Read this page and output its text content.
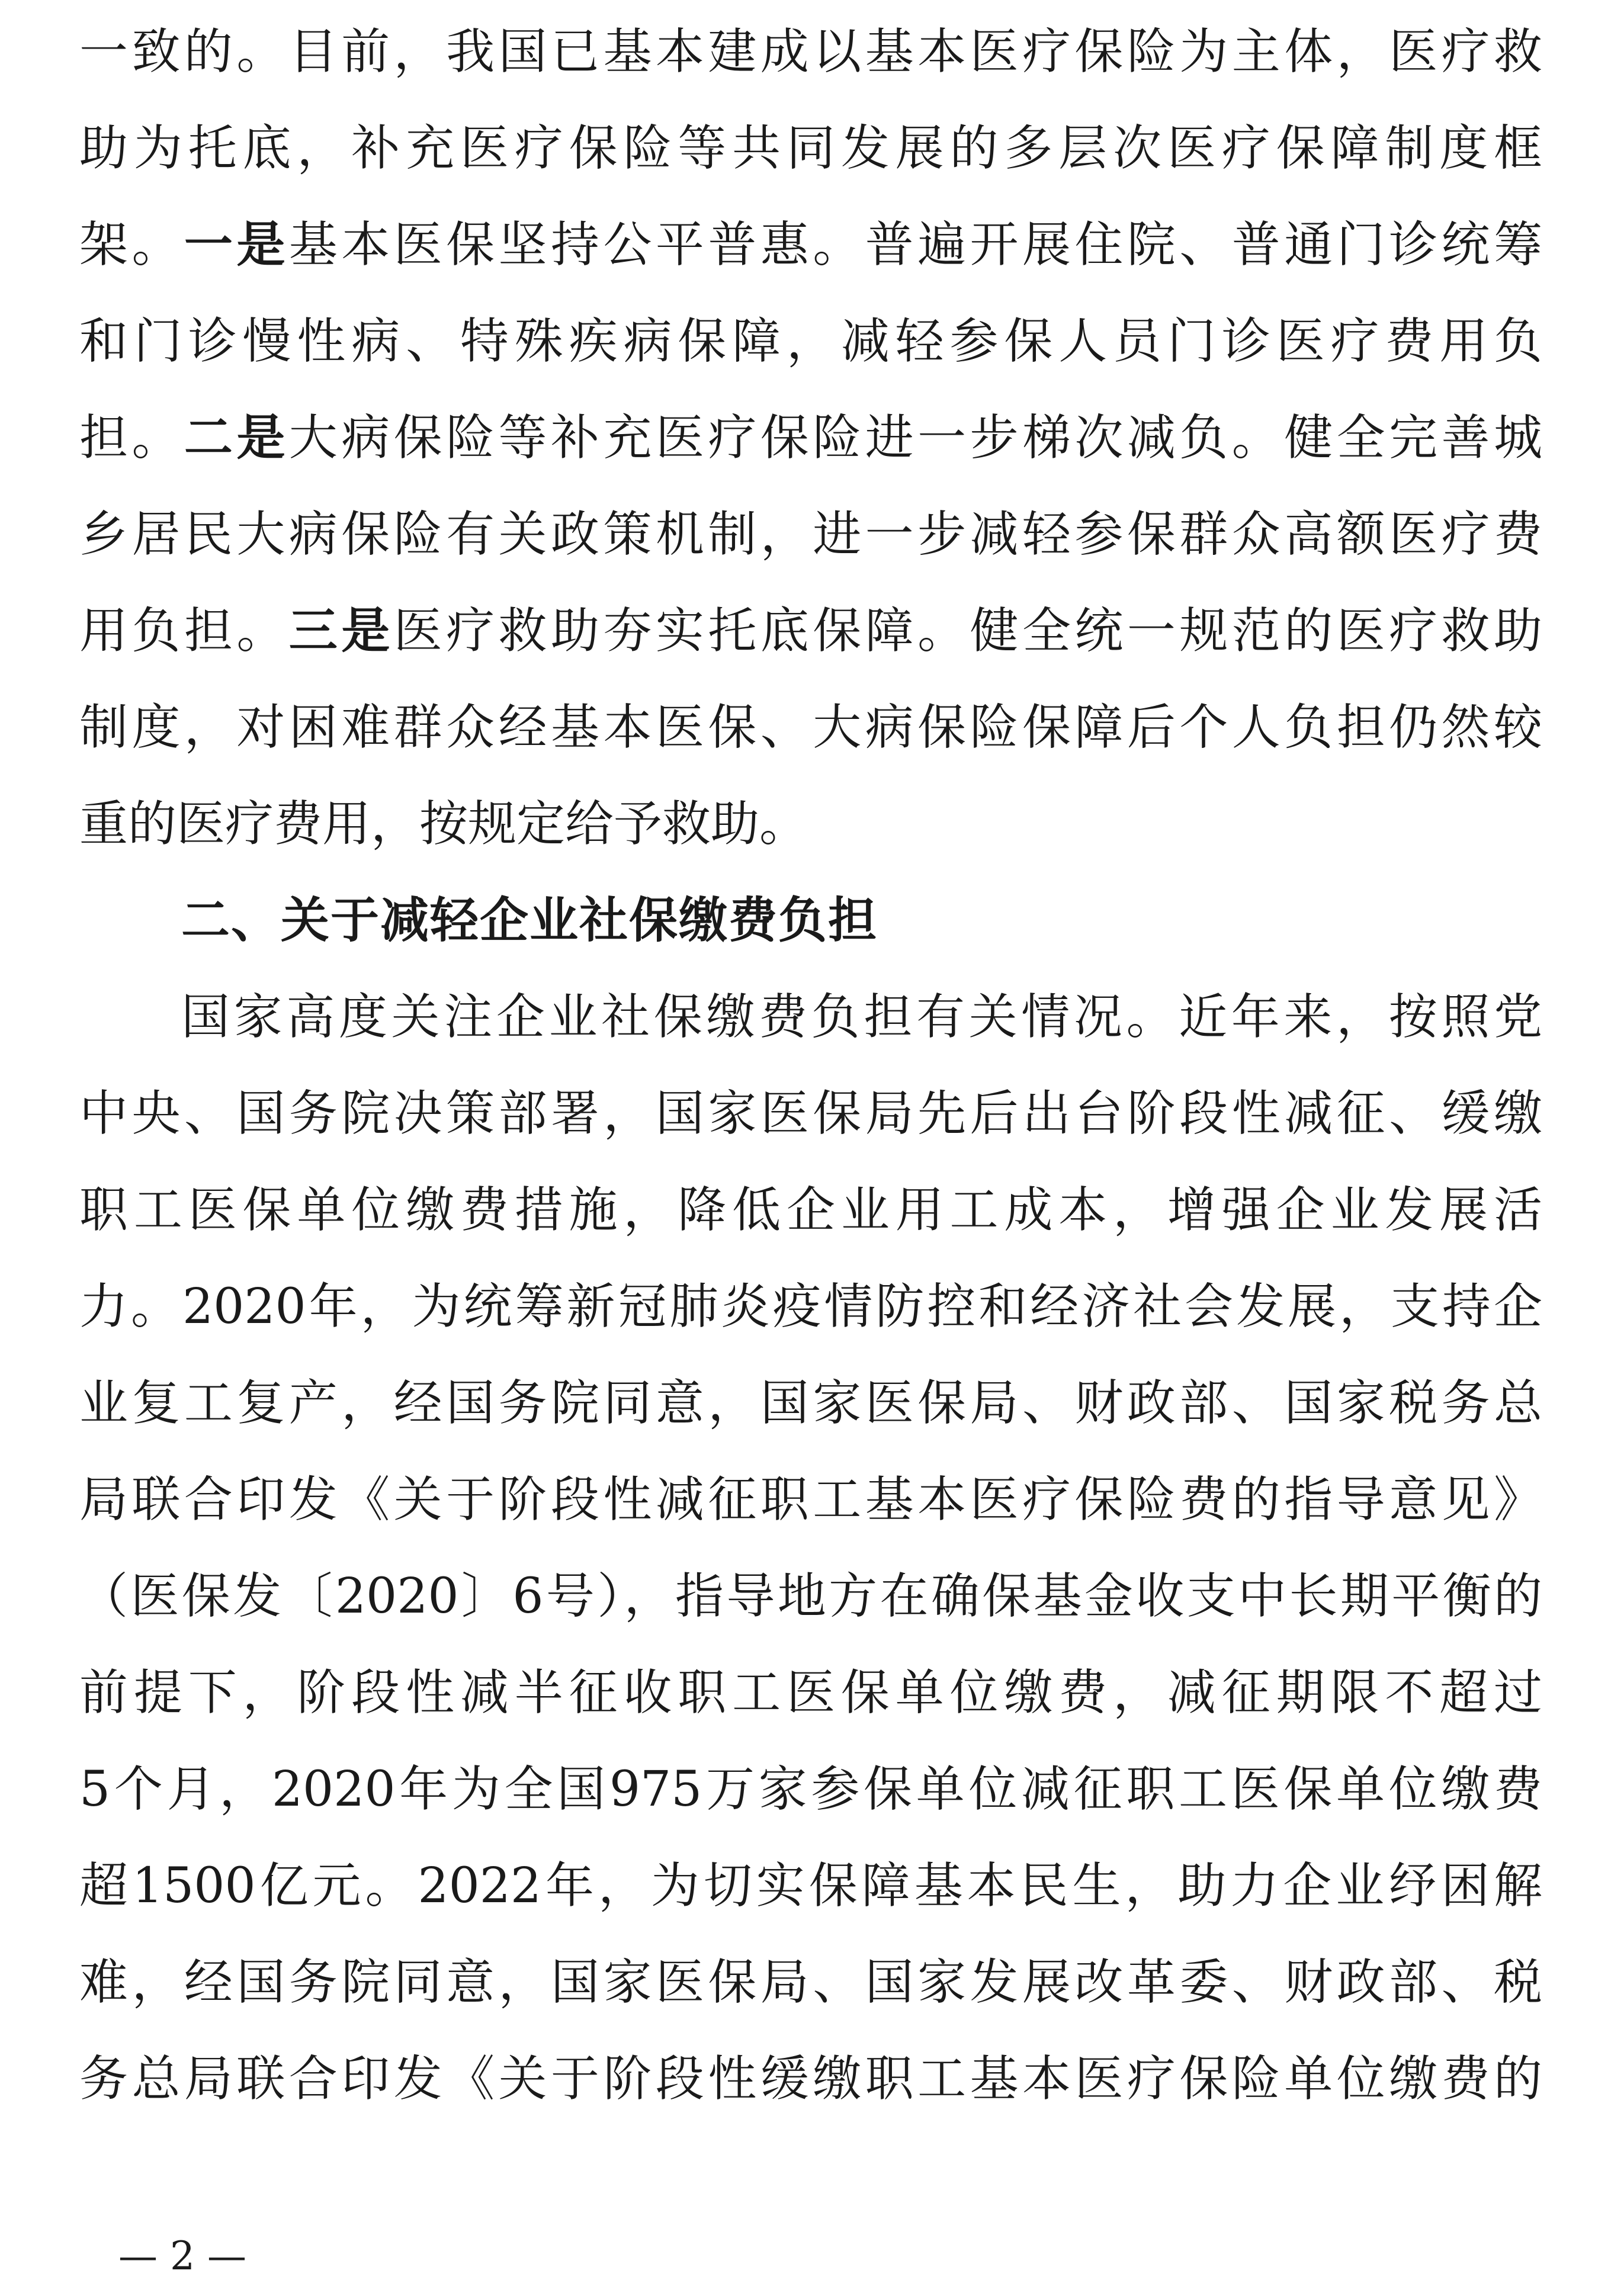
一致的。目前，我国已基本建成以基本医疗保险为主体，医疗救
助为托底，补充医疗保险等共同发展的多层次医疗保障制度框
架。一是基本医保坚持公平普惠。普遍开展住院、普通门诊统筹
和门诊慢性病、特殊疾病保障，减轻参保人员门诊医疗费用负
担。二是大病保险等补充医疗保险进一步梯次减负。健全完善城
乡居民大病保险有关政策机制，进一步减轻参保群众高额医疗费
用负担。三是医疗救助夯实托底保障。健全统一规范的医疗救助
制度，对困难群众经基本医保、大病保险保障后个人负担仍然较
重的医疗费用，按规定给予救助。
二、关于减轻企业社保缴费负担
国家高度关注企业社保缴费负担有关情况。近年来，按照党
中央、国务院决策部署，国家医保局先后出台阶段性减征、缓缴
职工医保单位缴费措施，降低企业用工成本，增强企业发展活
力。2020年，为统筹新冠肺炎疫情防控和经济社会发展，支持企
业复工复产，经国务院同意，国家医保局、财政部、国家税务总
局联合印发《关于阶段性减征职工基本医疗保险费的指导意见》
（医保发〔2020〕6号），指导地方在确保基金收支中长期平衡的
前提下，阶段性减半征收职工医保单位缴费，减征期限不超过
5个月，2020年为全国975万家参保单位减征职工医保单位缴费
超1500亿元。2022年，为切实保障基本民生，助力企业纾困解
难，经国务院同意，国家医保局、国家发展改革委、财政部、税
— 2 —
务总局联合印发《关于阶段性缓缴职工基本医疗保险单位缴费的
